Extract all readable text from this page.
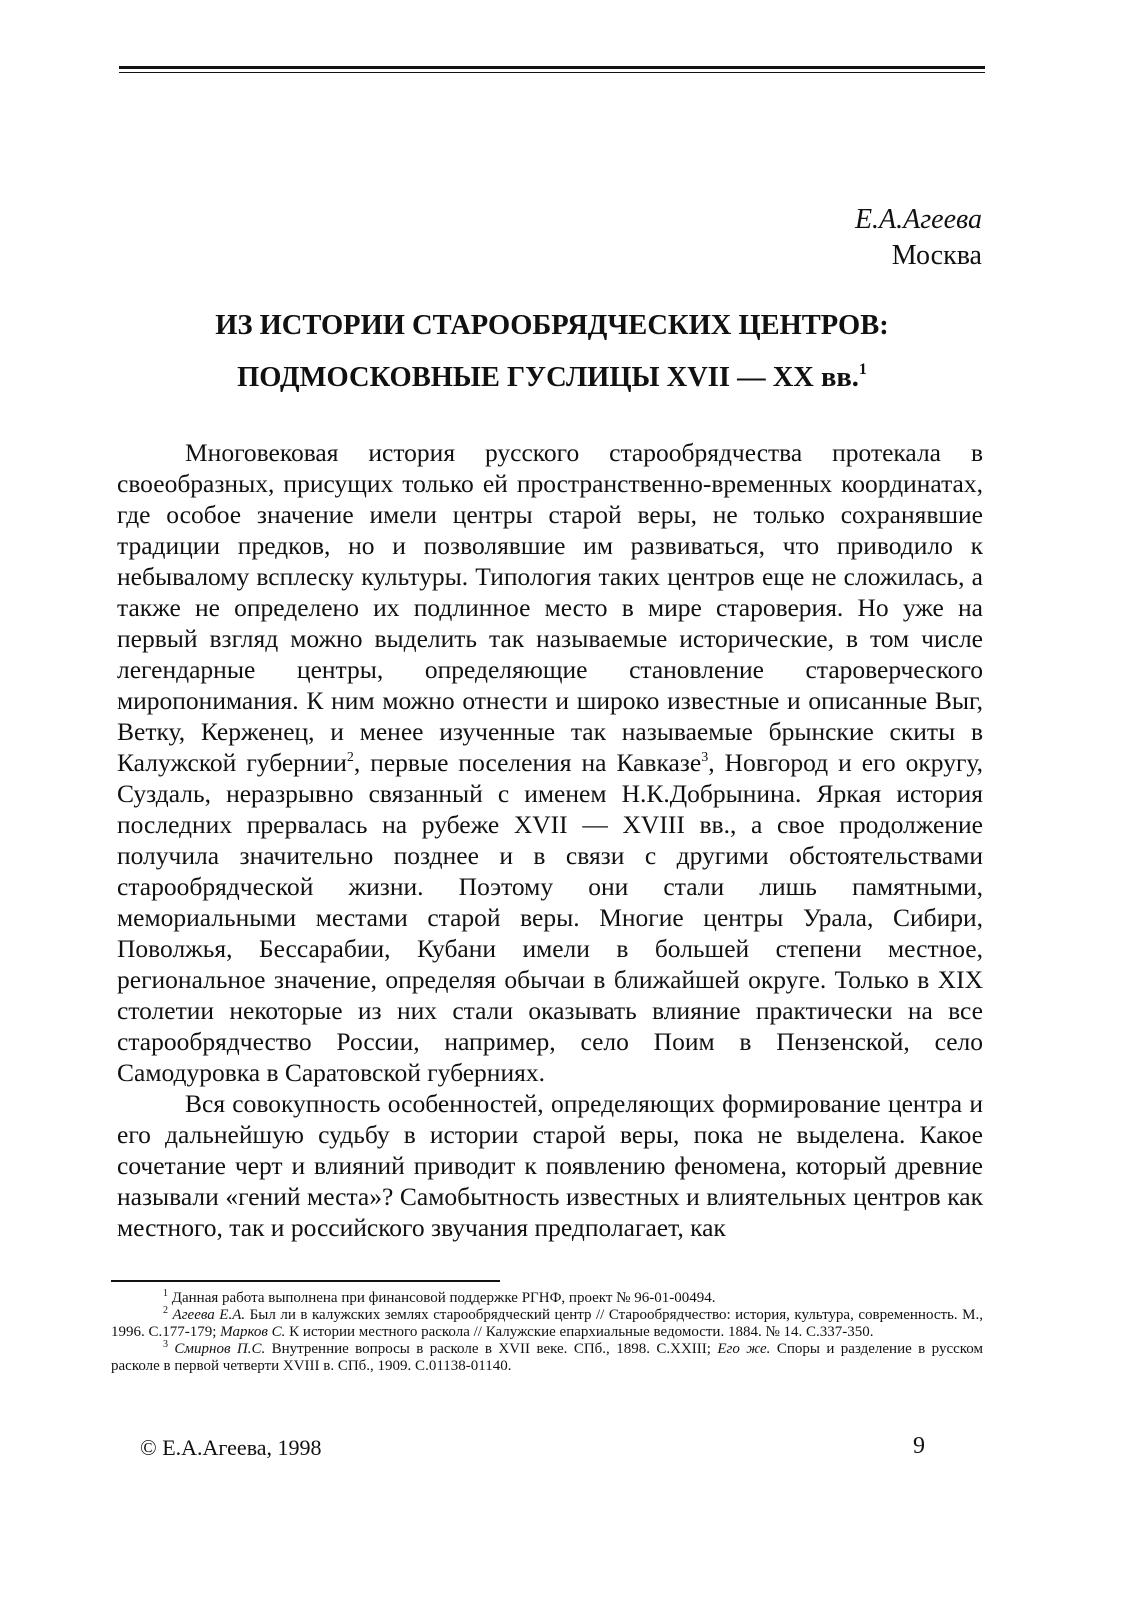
Е.А.Агеева
Москва
ИЗ ИСТОРИИ СТАРООБРЯДЧЕСКИХ ЦЕНТРОВ:
ПОДМОСКОВНЫЕ ГУСЛИЦЫ XVII — XX вв.$^1$

Многовековая история русского старообрядчества протекала в своеобразных, присущих только ей пространственно-временных координатах, где особое значение имели центры старой веры, не только сохранявшие традиции предков, но и позволявшие им развиваться, что приводило к небывалому всплеску культуры. Типология таких центров еще не сложилась, а также не определено их подлинное место в мире староверия. Но уже на первый взгляд можно выделить так называемые исторические, в том числе легендарные центры, определяющие становление староверческого миропонимания. К ним можно отнести и широко известные и описанные Выг, Ветку, Керженец, и менее изученные так называемые брынские скиты в Калужской губернии$^2$, первые поселения на Кавказе$^3$, Новгород и его округу, Суздаль, неразрывно связанный с именем Н.К.Добрынина. Яркая история последних прервалась на рубеже XVII — XVIII вв., а свое продолжение получила значительно позднее и в связи с другими обстоятельствами старообрядческой жизни. Поэтому они стали лишь памятными, мемориальными местами старой веры. Многие центры Урала, Сибири, Поволжья, Бессарабии, Кубани имели в большей степени местное, региональное значение, определяя обычаи в ближайшей округе. Только в XIX столетии некоторые из них стали оказывать влияние практически на все старообрядчество России, например, село Поим в Пензенской, село Самодуровка в Саратовской губерниях.

Вся совокупность особенностей, определяющих формирование центра и его дальнейшую судьбу в истории старой веры, пока не выделена. Какое сочетание черт и влияний приводит к появлению феномена, который древние называли «гений места»? Самобытность известных и влиятельных центров как местного, так и российского звучания предполагает, как

$^1$ Данная работа выполнена при финансовой поддержке РГНФ, проект № 96-01-00494.

$^2$ Агеева Е.А. Был ли в калужских землях старообрядческий центр // Старообрядчество: история, культура, современность. М., 1996. С.177-179; Марков С. К истории местного раскола // Калужские епархиальные ведомости. 1884. № 14. С.337-350.

$^3$ Смирнов П.С. Внутренние вопросы в расколе в XVII веке. СПб., 1898. С.XXIII; Его же. Споры и разделение в русском расколе в первой четверти XVIII в. СПб., 1909. С.01138-01140.

© Е.А.Агеева, 1998	9
